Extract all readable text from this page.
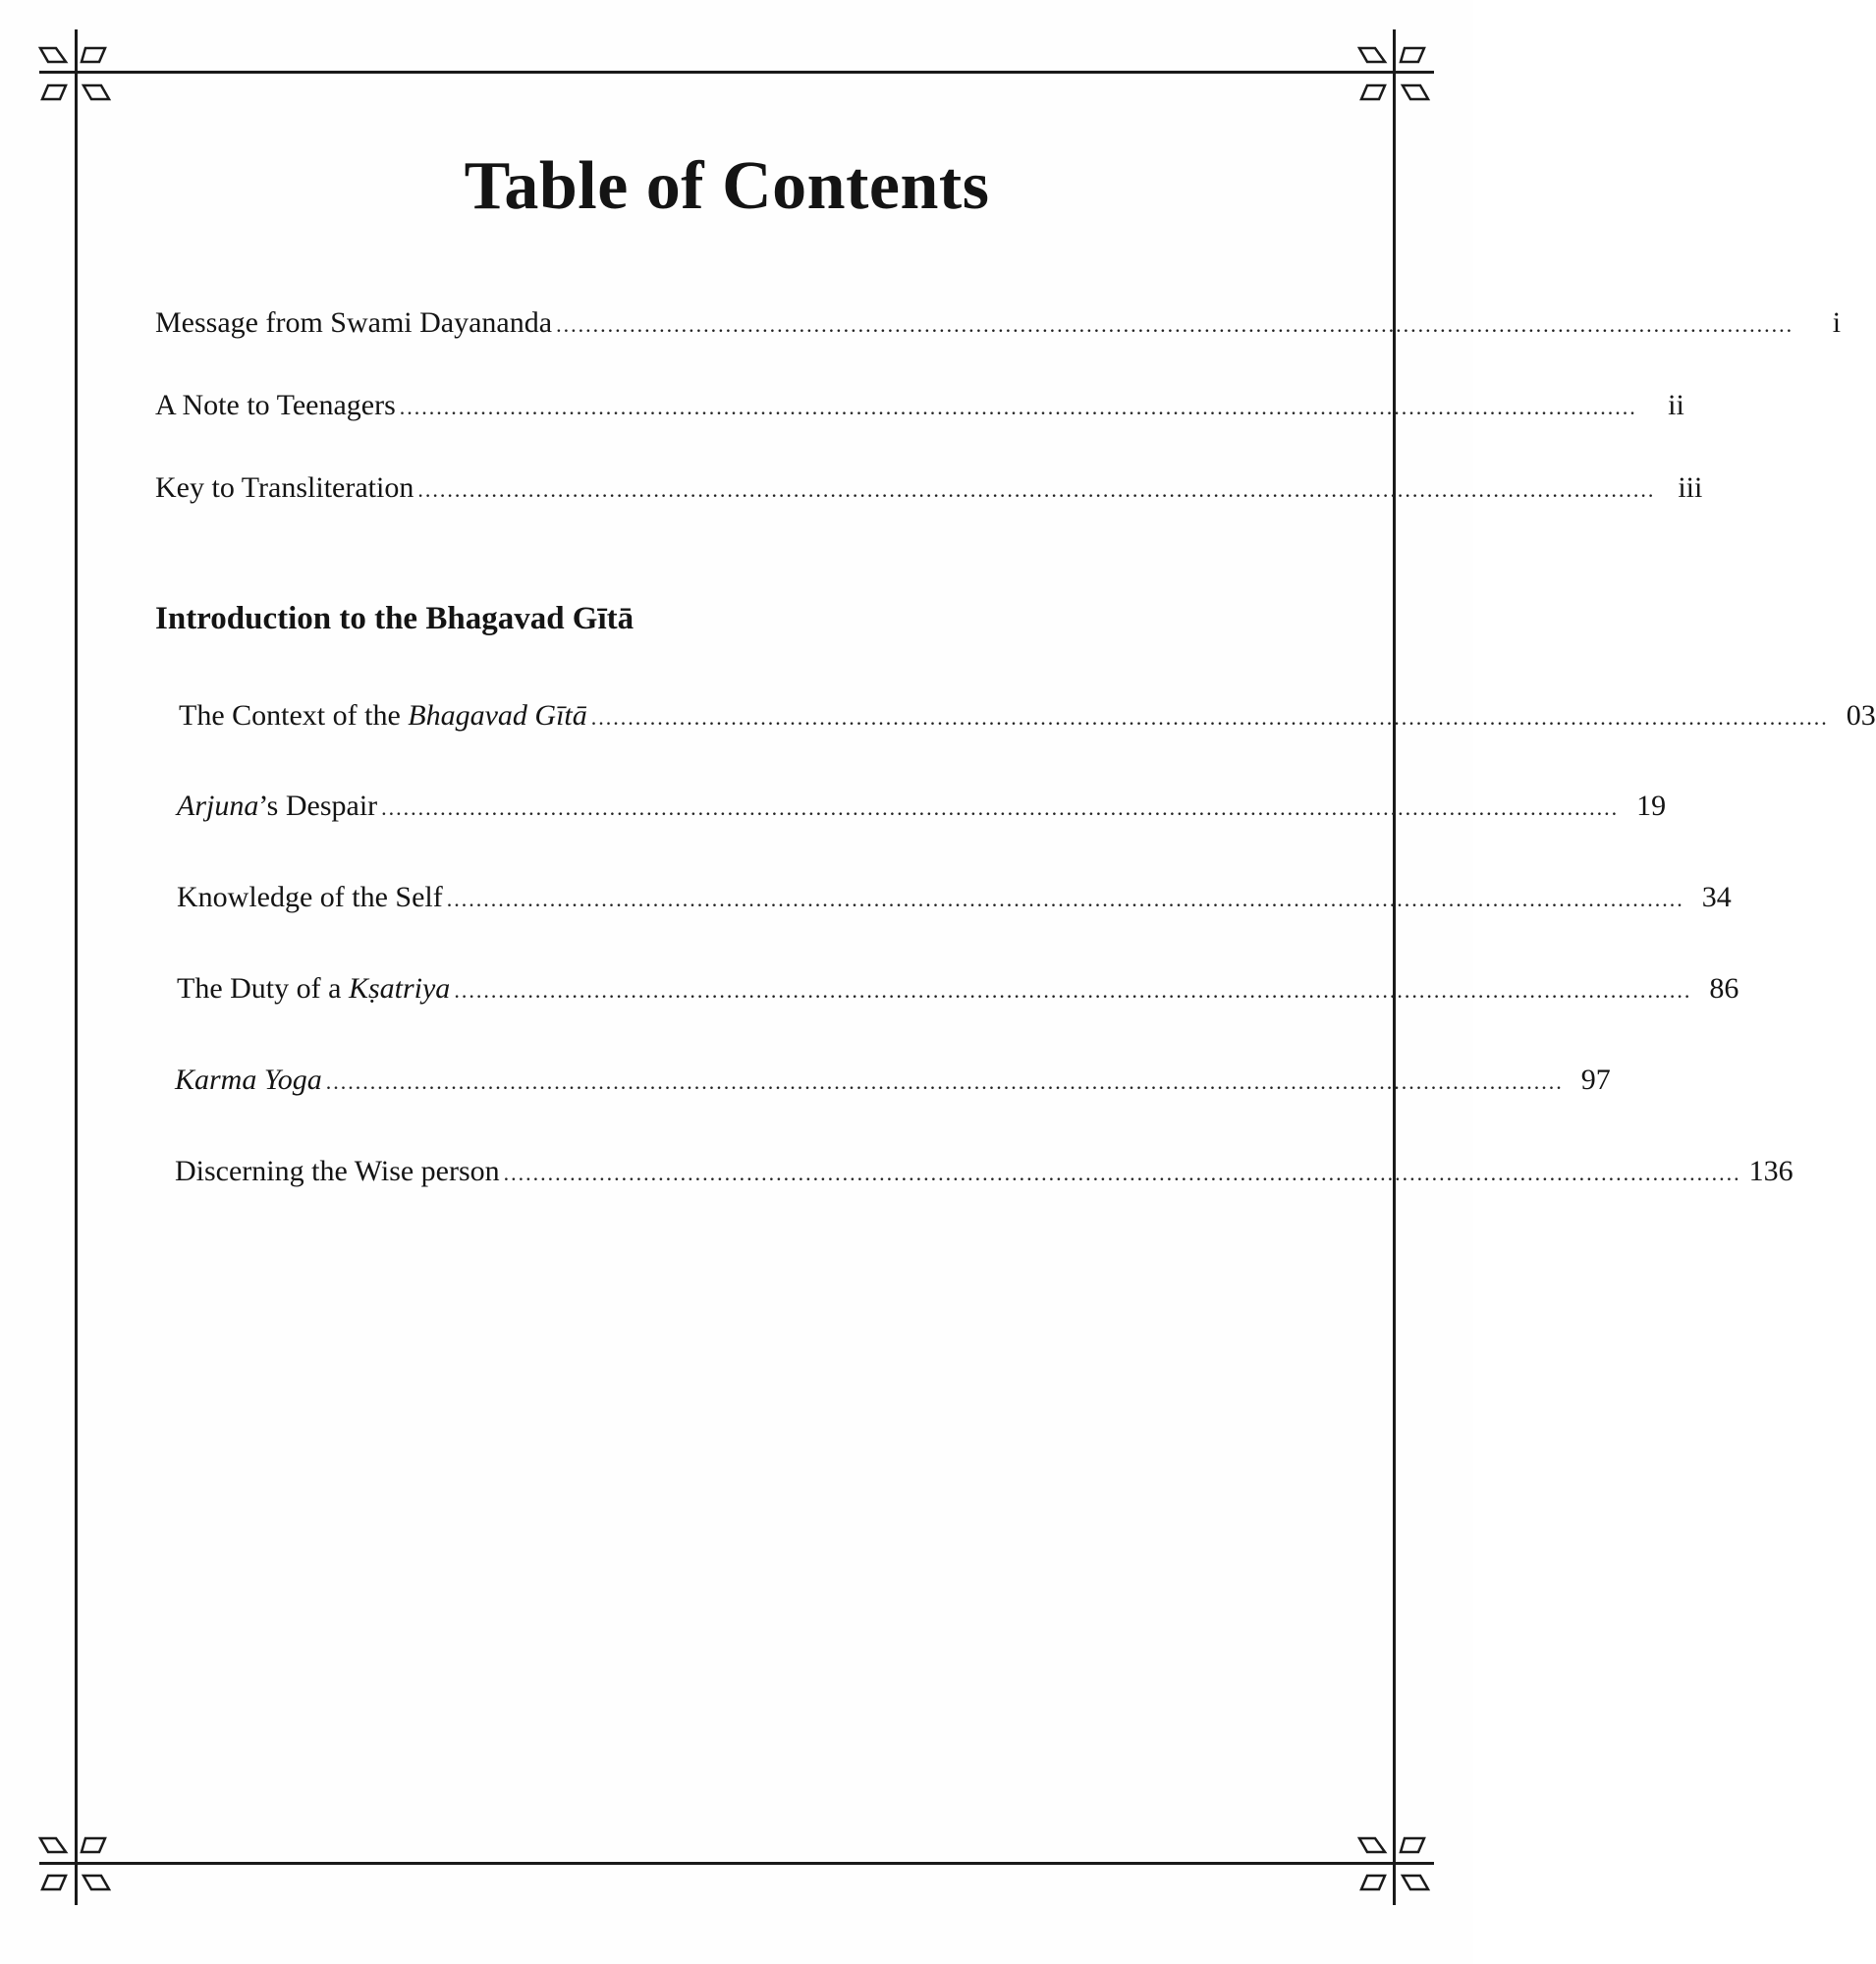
Table of Contents
Message from Swami Dayananda ........................................................................................................................................................................	i
A Note to Teenagers ........................................................................................................................................................................	ii
Key to Transliteration ........................................................................................................................................................................ iii
Introduction to the Bhagavad Gītā
The Context of the Bhagavad Gītā ........................................................................................................................................................................ 03
Arjuna’s Despair ........................................................................................................................................................................ 19
Knowledge of the Self ........................................................................................................................................................................ 34
The Duty of a Kṣatriya ........................................................................................................................................................................ 86
Karma Yoga ........................................................................................................................................................................ 97
Discerning the Wise person ........................................................................................................................................................................ 136
